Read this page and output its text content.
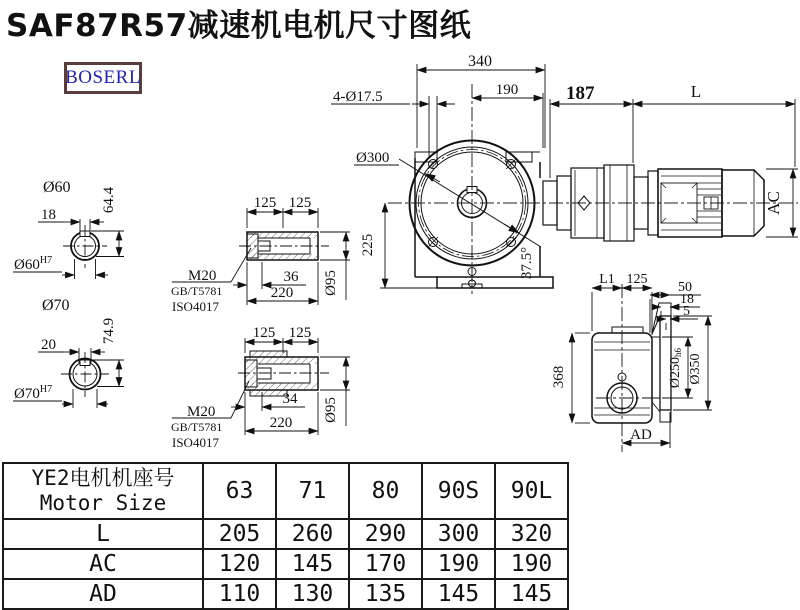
SAF87R57减速机电机尺寸图纸
BOSERL
Ø60
18
64.4
$Ø60^{H7}$
Ø70
20
74.9
$Ø70^{H7}$
M20
GB/T5781
ISO4017
M20
GB/T5781
ISO4017
125 125
36
220 Ø95
125 125
34
220
Ø95
Ø300
4-Ø17.5
340
190
225
37.5°
187	L
AC
L1 125
50
18
5
368	Ø250h6
Ø350
AD
YE2电机机座号
Motor Size	63	71	80	90S	90L
L	205	260	290	300	320
AC	120	145	170	190	190
AD	110	130	135	145	145
